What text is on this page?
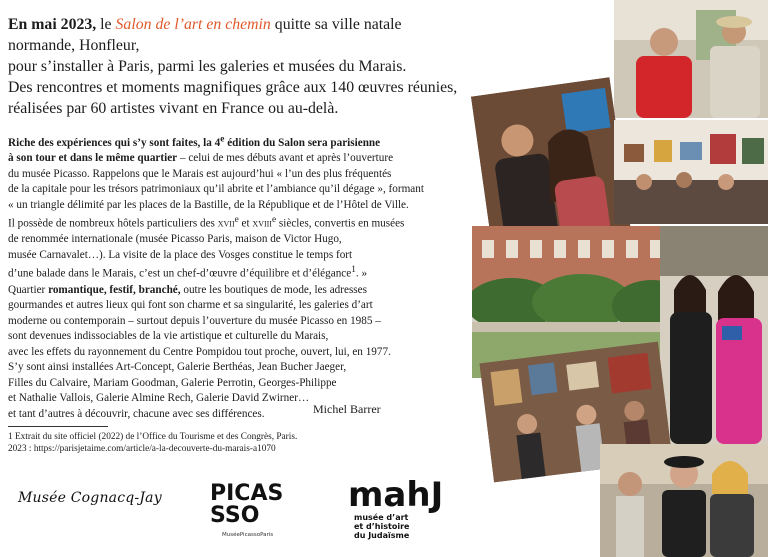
En mai 2023, le Salon de l’art en chemin quitte sa ville natale normande, Honfleur,
pour s’installer à Paris, parmi les galeries et musées du Marais.
Des rencontres et moments magnifiques grâce aux 140 œuvres réunies,
réalisées par 60 artistes vivant en France ou au-delà.

Riche des expériences qui s’y sont faites, la 4e édition du Salon sera parisienne

à son tour et dans le même quartier – celui de mes débuts avant et après l’ouverture

du musée Picasso. Rappelons que le Marais est aujourd’hui « l’un des plus fréquentés

de la capitale pour les trésors patrimoniaux qu’il abrite et l’ambiance qu’il dégage », formant

« un triangle délimité par les places de la Bastille, de la République et de l’Hôtel de Ville.

Il possède de nombreux hôtels particuliers des xvii$^e$ et xviii$^e$ siècles, convertis en musées

de renommée internationale (musée Picasso Paris, maison de Victor Hugo,

musée Carnavalet…). La visite de la place des Vosges constitue le temps fort

d’une balade dans le Marais, c’est un chef-d’œuvre d’équilibre et d’élégance$^1$. »

Quartier romantique, festif, branché, outre les boutiques de mode, les adresses

gourmandes et autres lieux qui font son charme et sa singularité, les galeries d’art

moderne ou contemporain – surtout depuis l’ouverture du musée Picasso en 1985 –

sont devenues indissociables de la vie artistique et culturelle du Marais,

avec les effets du rayonnement du Centre Pompidou tout proche, ouvert, lui, en 1977.

S’y sont ainsi installées Art-Concept, Galerie Berthéas, Jean Bucher Jaeger,

Filles du Calvaire, Mariam Goodman, Galerie Perrotin, Georges-Philippe

et Nathalie Vallois, Galerie Almine Rech, Galerie David Zwirner…

et tant d’autres à découvrir, chacune avec ses différences.	Michel Barrer
1 Extrait du site officiel (2022) de l’Office du Tourisme et des Congrès, Paris.
2023 : https://parisjetaime.com/article/a-la-decouverte-du-marais-a1070
Musée Cognacq-Jay PICAS
SSO
MuséePicassoParis
mahJ
musée d’art
et d’histoire
du Judaïsme
